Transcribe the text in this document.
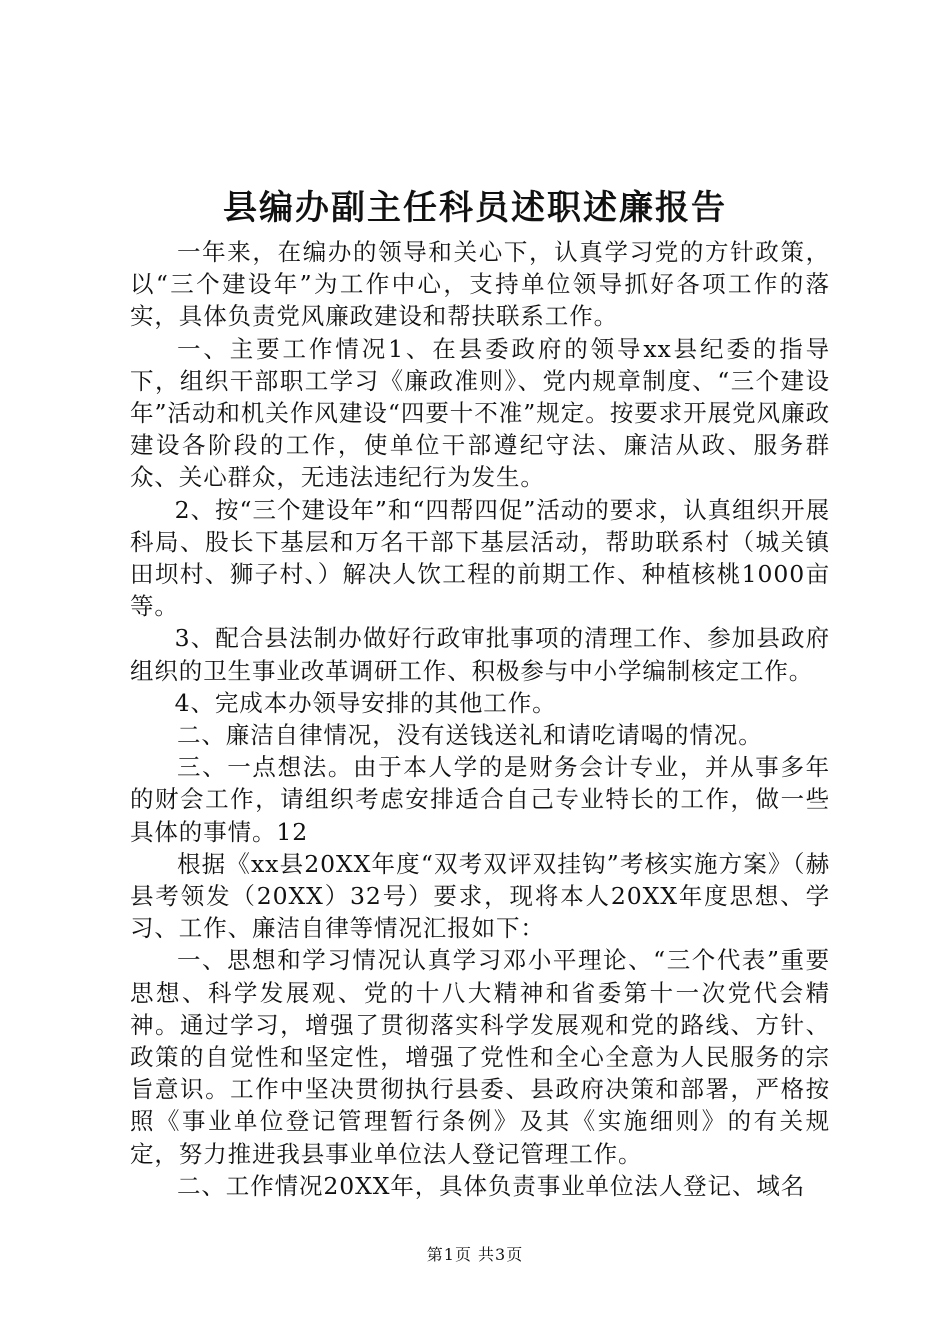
县编办副主任科员述职述廉报告

一年来，在编办的领导和关心下，认真学习党的方针政策，以“三个建设年”为工作中心，支持单位领导抓好各项工作的落实，具体负责党风廉政建设和帮扶联系工作。

一、主要工作情况1、在县委政府的领导xx县纪委的指导下，组织干部职工学习《廉政准则》、党内规章制度、“三个建设年”活动和机关作风建设“四要十不准”规定。按要求开展党风廉政建设各阶段的工作，使单位干部遵纪守法、廉洁从政、服务群众、关心群众，无违法违纪行为发生。

2、按“三个建设年”和“四帮四促”活动的要求，认真组织开展科局、股长下基层和万名干部下基层活动，帮助联系村（城关镇田坝村、狮子村、）解决人饮工程的前期工作、种植核桃1000亩等。

3、配合县法制办做好行政审批事项的清理工作、参加县政府组织的卫生事业改革调研工作、积极参与中小学编制核定工作。

4、完成本办领导安排的其他工作。

二、廉洁自律情况，没有送钱送礼和请吃请喝的情况。

三、一点想法。由于本人学的是财务会计专业，并从事多年的财会工作，请组织考虑安排适合自己专业特长的工作，做一些具体的事情。12

根据《xx县20XX年度“双考双评双挂钩”考核实施方案》（赫县考领发（20XX）32号）要求，现将本人20XX年度思想、学习、工作、廉洁自律等情况汇报如下：

一、思想和学习情况认真学习邓小平理论、“三个代表”重要思想、科学发展观、党的十八大精神和省委第十一次党代会精神。通过学习，增强了贯彻落实科学发展观和党的路线、方针、政策的自觉性和坚定性，增强了党性和全心全意为人民服务的宗旨意识。工作中坚决贯彻执行县委、县政府决策和部署，严格按照《事业单位登记管理暂行条例》及其《实施细则》的有关规定，努力推进我县事业单位法人登记管理工作。

二、工作情况20XX年，具体负责事业单位法人登记、域名

第1页 共3页
